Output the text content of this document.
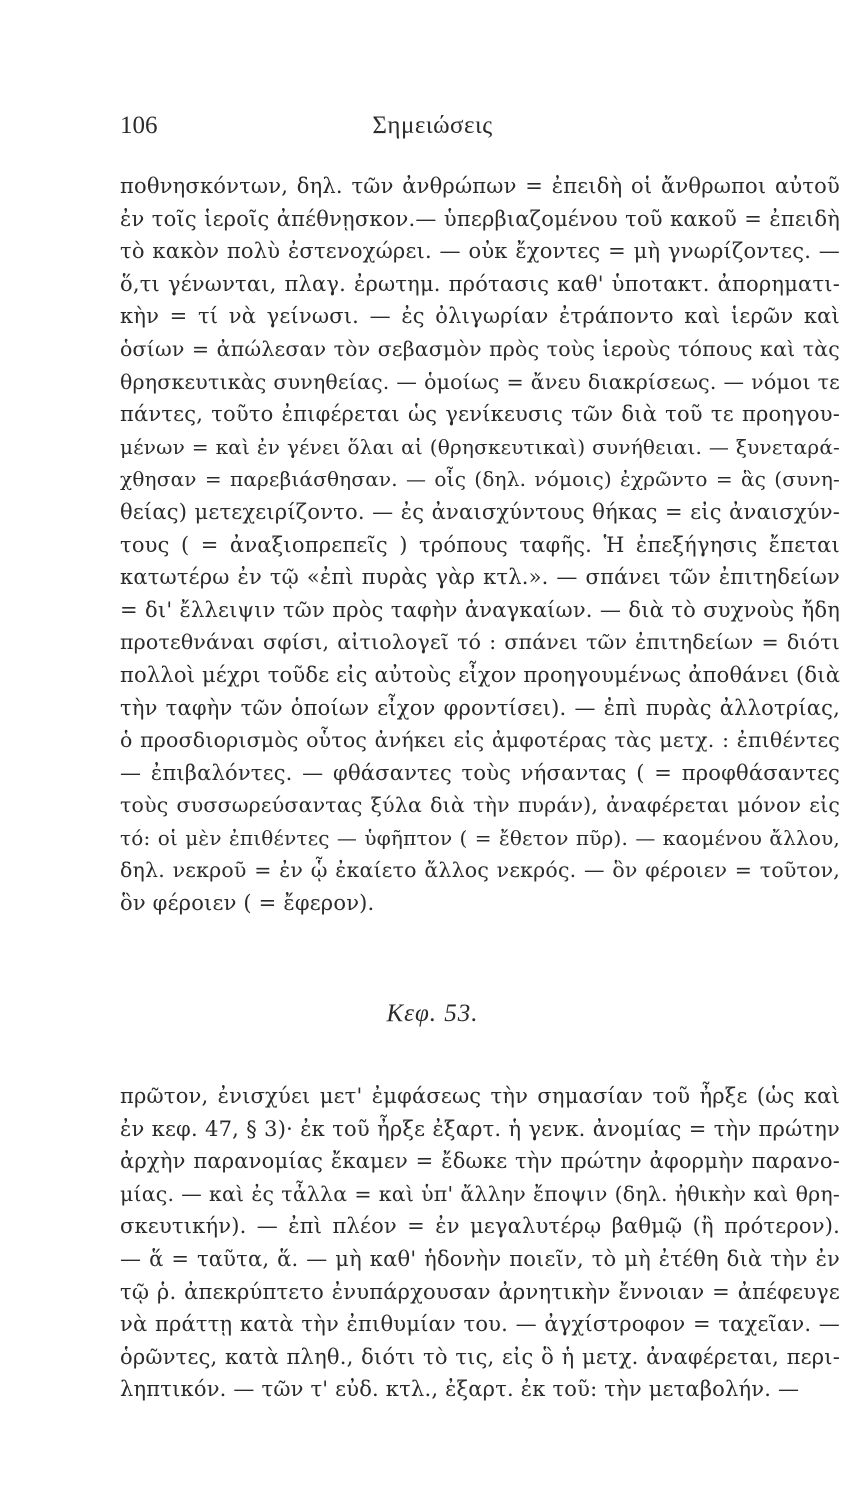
Σημειώσεις
106
ποθνησκόντων, δηλ. τῶν ἀνθρώπων = ἐπειδὴ οἱ ἄνθρωποι αὐτοῦ
ἐν τοῖς ἱεροῖς ἀπέθνῃσκον.— ὑπερβιαζομένου τοῦ κακοῦ = ἐπειδὴ
τὸ κακὸν πολὺ ἐστενοχώρει. — οὐκ ἔχοντες = μὴ γνωρίζοντες. —
ὅ,τι γένωνται, πλαγ. ἐρωτημ. πρότασις καθ' ὑποτακτ. ἀπορηματι-
κὴν = τί νὰ γείνωσι. — ἐς ὀλιγωρίαν ἐτράποντο καὶ ἱερῶν καὶ
ὁσίων = ἀπώλεσαν τὸν σεβασμὸν πρὸς τοὺς ἱεροὺς τόπους καὶ τὰς
θρησκευτικὰς συνηθείας. — ὁμοίως = ἄνευ διακρίσεως. — νόμοι τε
πάντες, τοῦτο ἐπιφέρεται ὡς γενίκευσις τῶν διὰ τοῦ τε προηγου-
μένων = καὶ ἐν γένει ὅλαι αἱ (θρησκευτικαὶ) συνήθειαι. — ξυνεταρά-
χθησαν = παρεβιάσθησαν. — οἷς (δηλ. νόμοις) ἐχρῶντο = ἃς (συνη-
θείας) μετεχειρίζοντο. — ἐς ἀναισχύντους θήκας = εἰς ἀναισχύν-
τους ( = ἀναξιοπρεπεῖς ) τρόπους ταφῆς. Ἡ ἐπεξήγησις ἔπεται
κατωτέρω ἐν τῷ «ἐπὶ πυρὰς γὰρ κτλ.». — σπάνει τῶν ἐπιτηδείων
= δι' ἔλλειψιν τῶν πρὸς ταφὴν ἀναγκαίων. — διὰ τὸ συχνοὺς ἤδη
προτεθνάναι σφίσι, αἰτιολογεῖ τό : σπάνει τῶν ἐπιτηδείων = διότι
πολλοὶ μέχρι τοῦδε εἰς αὐτοὺς εἶχον προηγουμένως ἀποθάνει (διὰ
τὴν ταφὴν τῶν ὁποίων εἶχον φροντίσει). — ἐπὶ πυρὰς ἀλλοτρίας,
ὁ προσδιορισμὸς οὗτος ἀνήκει εἰς ἀμφοτέρας τὰς μετχ. : ἐπιθέντες
— ἐπιβαλόντες. — φθάσαντες τοὺς νήσαντας ( = προφθάσαντες
τοὺς συσσωρεύσαντας ξύλα διὰ τὴν πυράν), ἀναφέρεται μόνον εἰς
τό: οἱ μὲν ἐπιθέντες — ὑφῆπτον ( = ἔθετον πῦρ). — καομένου ἄλλου,
δηλ. νεκροῦ = ἐν ᾧ ἐκαίετο ἄλλος νεκρός. — ὃν φέροιεν = τοῦτον,
ὃν φέροιεν ( = ἔφερον).
Κεφ. 53.
πρῶτον, ἐνισχύει μετ' ἐμφάσεως τὴν σημασίαν τοῦ ἦρξε (ὡς καὶ
ἐν κεφ. 47, § 3)· ἐκ τοῦ ἦρξε ἐξαρτ. ἡ γενκ. ἀνομίας = τὴν πρώτην
ἀρχὴν παρανομίας ἔκαμεν = ἔδωκε τὴν πρώτην ἀφορμὴν παρανο-
μίας. — καὶ ἐς τἆλλα = καὶ ὑπ' ἄλλην ἔποψιν (δηλ. ἠθικὴν καὶ θρη-
σκευτικήν). — ἐπὶ πλέον = ἐν μεγαλυτέρῳ βαθμῷ (ἢ πρότερον).
— ἅ = ταῦτα, ἅ. — μὴ καθ' ἡδονὴν ποιεῖν, τὸ μὴ ἐτέθη διὰ τὴν ἐν
τῷ ῥ. ἀπεκρύπτετο ἐνυπάρχουσαν ἀρνητικὴν ἔννοιαν = ἀπέφευγε
νὰ πράττῃ κατὰ τὴν ἐπιθυμίαν του. — ἀγχίστροφον = ταχεῖαν. —
ὁρῶντες, κατὰ πληθ., διότι τὸ τις, εἰς ὃ ἡ μετχ. ἀναφέρεται, περι-
ληπτικόν. — τῶν τ' εὐδ. κτλ., ἐξαρτ. ἐκ τοῦ: τὴν μεταβολήν. —
